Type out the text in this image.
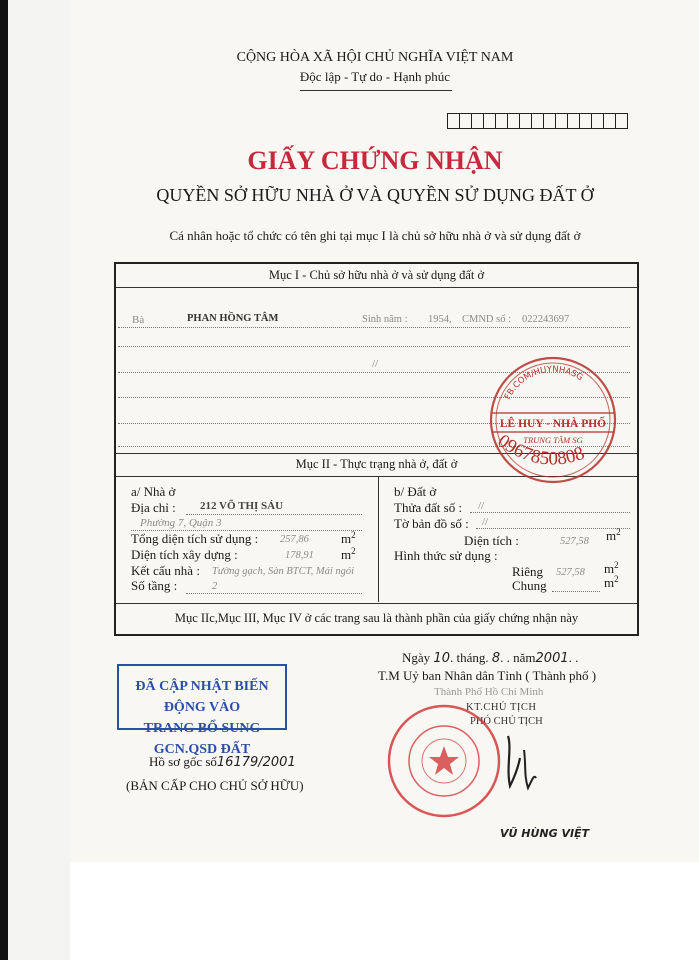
CỘNG HÒA XÃ HỘI CHỦ NGHĨA VIỆT NAM
Độc lập - Tự do - Hạnh phúc
GIẤY CHỨNG NHẬN
QUYỀN SỞ HỮU NHÀ Ở VÀ QUYỀN SỬ DỤNG ĐẤT Ở
Cá nhân hoặc tổ chức có tên ghi tại mục I là chủ sở hữu nhà ở và sử dụng đất ở
Mục I - Chủ sở hữu nhà ở và sử dụng đất ở
Bà	PHAN HỒNG TÂM	Sinh năm : 1954, CMND số : 022243697
//
Mục II - Thực trạng nhà ở, đất ở
a/ Nhà ở
Địa chỉ : 212 VÕ THỊ SÁU
Phường 7, Quận 3
Tổng diện tích sử dụng : 257,86 $m^2$
Diện tích xây dựng :	178,91 $m^2$
Kết cấu nhà : Tường gạch, Sàn BTCT, Mái ngói
Số tầng :	2
b/ Đất ở
Thửa đất số : //
Tờ bản đồ số : //
Diện tích :	527,58 $m^2$
Hình thức sử dụng :
Riêng 527,58 $m^2$
Chung	$m^2$
Mục IIc,Mục III, Mục IV ở các trang sau là thành phần của giấy chứng nhận này
FB.COM/HUYNHASG
LÊ HUY - NHÀ PHỐ
TRUNG TÂM SG
0967850808
Ngày 10. tháng. 8. . năm2001. .
T.M Uỷ ban Nhân dân Tỉnh ( Thành phố )
Thành Phố Hồ Chí Minh
KT.CHỦ TỊCH
PHÓ CHỦ TỊCH
VŨ HÙNG VIỆT
ĐÃ CẬP NHẬT BIẾN ĐỘNG VÀO
TRANG BỔ SUNG GCN.QSD ĐẤT
Hồ sơ gốc số16179/2001
(BẢN CẤP CHO CHỦ SỞ HỮU)
